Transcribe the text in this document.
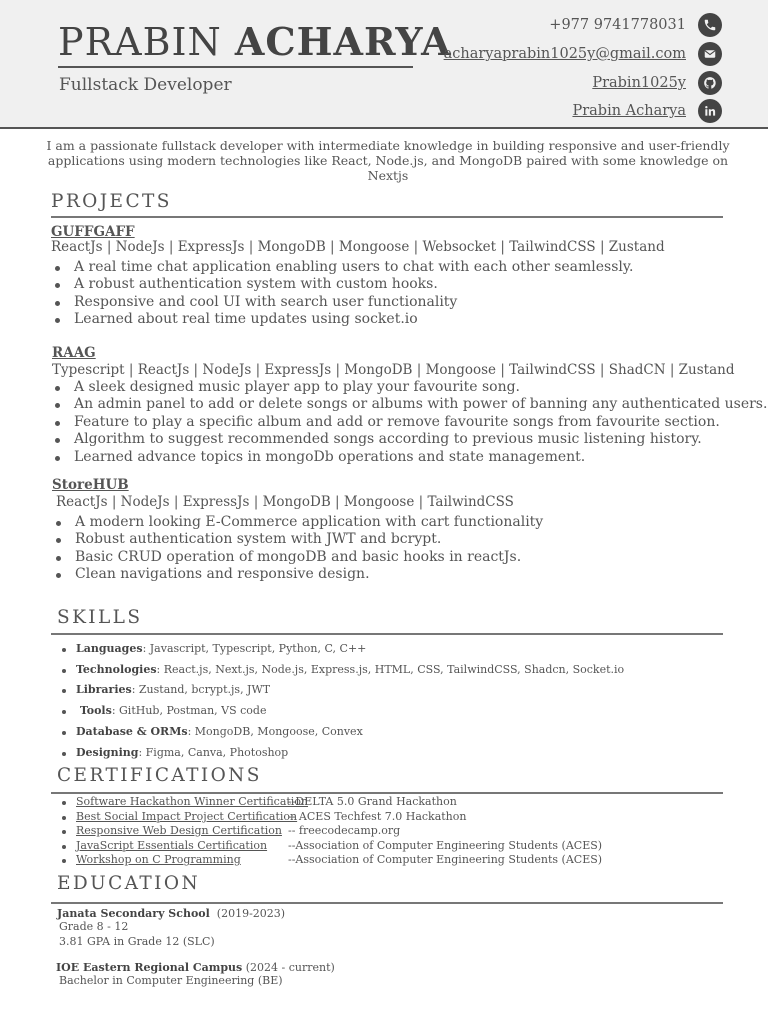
PRABIN ACHARYA
Fullstack Developer
+977 9741778031
acharyaprabin1025y@gmail.com
Prabin1025y
Prabin Acharya
I am a passionate fullstack developer with intermediate knowledge in building responsive and user-friendly applications using modern technologies like React, Node.js, and MongoDB paired with some knowledge on Nextjs
PROJECTS
GUFFGAFF
ReactJs | NodeJs | ExpressJs | MongoDB | Mongoose | Websocket | TailwindCSS | Zustand
A real time chat application enabling users to chat with each other seamlessly.
A robust authentication system with custom hooks.
Responsive and cool UI with search user functionality
Learned about real time updates using socket.io
RAAG
Typescript | ReactJs | NodeJs | ExpressJs | MongoDB | Mongoose | TailwindCSS | ShadCN | Zustand
A sleek designed music player app to play your favourite song.
An admin panel to add or delete songs or albums with power of banning any authenticated users.
Feature to play a specific album and add or remove favourite songs from favourite section.
Algorithm to suggest recommended songs according to previous music listening history.
Learned advance topics in mongoDb operations and state management.
StoreHUB
ReactJs | NodeJs | ExpressJs | MongoDB | Mongoose | TailwindCSS
A modern looking E-Commerce application with cart functionality
Robust authentication system with JWT and bcrypt.
Basic CRUD operation of mongoDB and basic hooks in reactJs.
Clean navigations and responsive design.
SKILLS
Languages: Javascript, Typescript, Python, C, C++
Technologies: React.js, Next.js, Node.js, Express.js, HTML, CSS, TailwindCSS, Shadcn, Socket.io
Libraries: Zustand, bcrypt.js, JWT
Tools: GitHub, Postman, VS code
Database & ORMs: MongoDB, Mongoose, Convex
Designing: Figma, Canva, Photoshop
CERTIFICATIONS
Software Hackathon Winner Certification--DELTA 5.0 Grand Hackathon
Best Social Impact Project Certification-- ACES Techfest 7.0 Hackathon
Responsive Web Design Certification -- freecodecamp.org
JavaScript Essentials Certification --Association of Computer Engineering Students (ACES)
Workshop on C Programming	--Association of Computer Engineering Students (ACES)
EDUCATION
Janata Secondary School (2019-2023)
Grade 8 - 12
3.81 GPA in Grade 12 (SLC)
IOE Eastern Regional Campus (2024 - current)
Bachelor in Computer Engineering (BE)
